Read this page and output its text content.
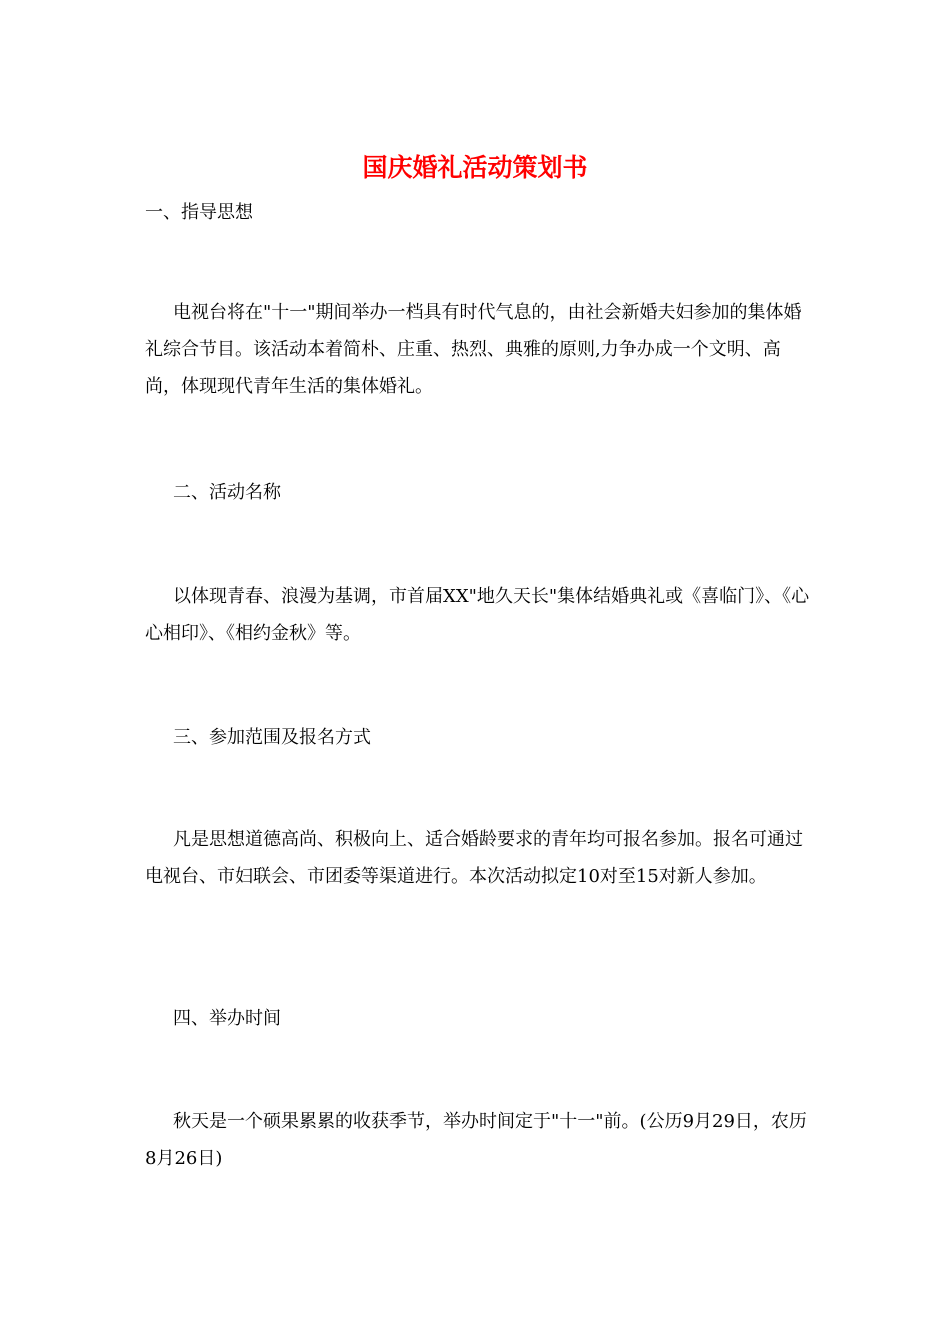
国庆婚礼活动策划书

一、指导思想

电视台将在"十一"期间举办一档具有时代气息的，由社会新婚夫妇参加的集体婚礼综合节目。该活动本着简朴、庄重、热烈、典雅的原则,力争办成一个文明、高尚，体现现代青年生活的集体婚礼。

二、活动名称

以体现青春、浪漫为基调，市首届XX"地久天长"集体结婚典礼或《喜临门》、《心心相印》、《相约金秋》等。

三、参加范围及报名方式

凡是思想道德高尚、积极向上、适合婚龄要求的青年均可报名参加。报名可通过电视台、市妇联会、市团委等渠道进行。本次活动拟定10对至15对新人参加。

四、举办时间

秋天是一个硕果累累的收获季节，举办时间定于"十一"前。(公历9月29日，农历8月26日)
